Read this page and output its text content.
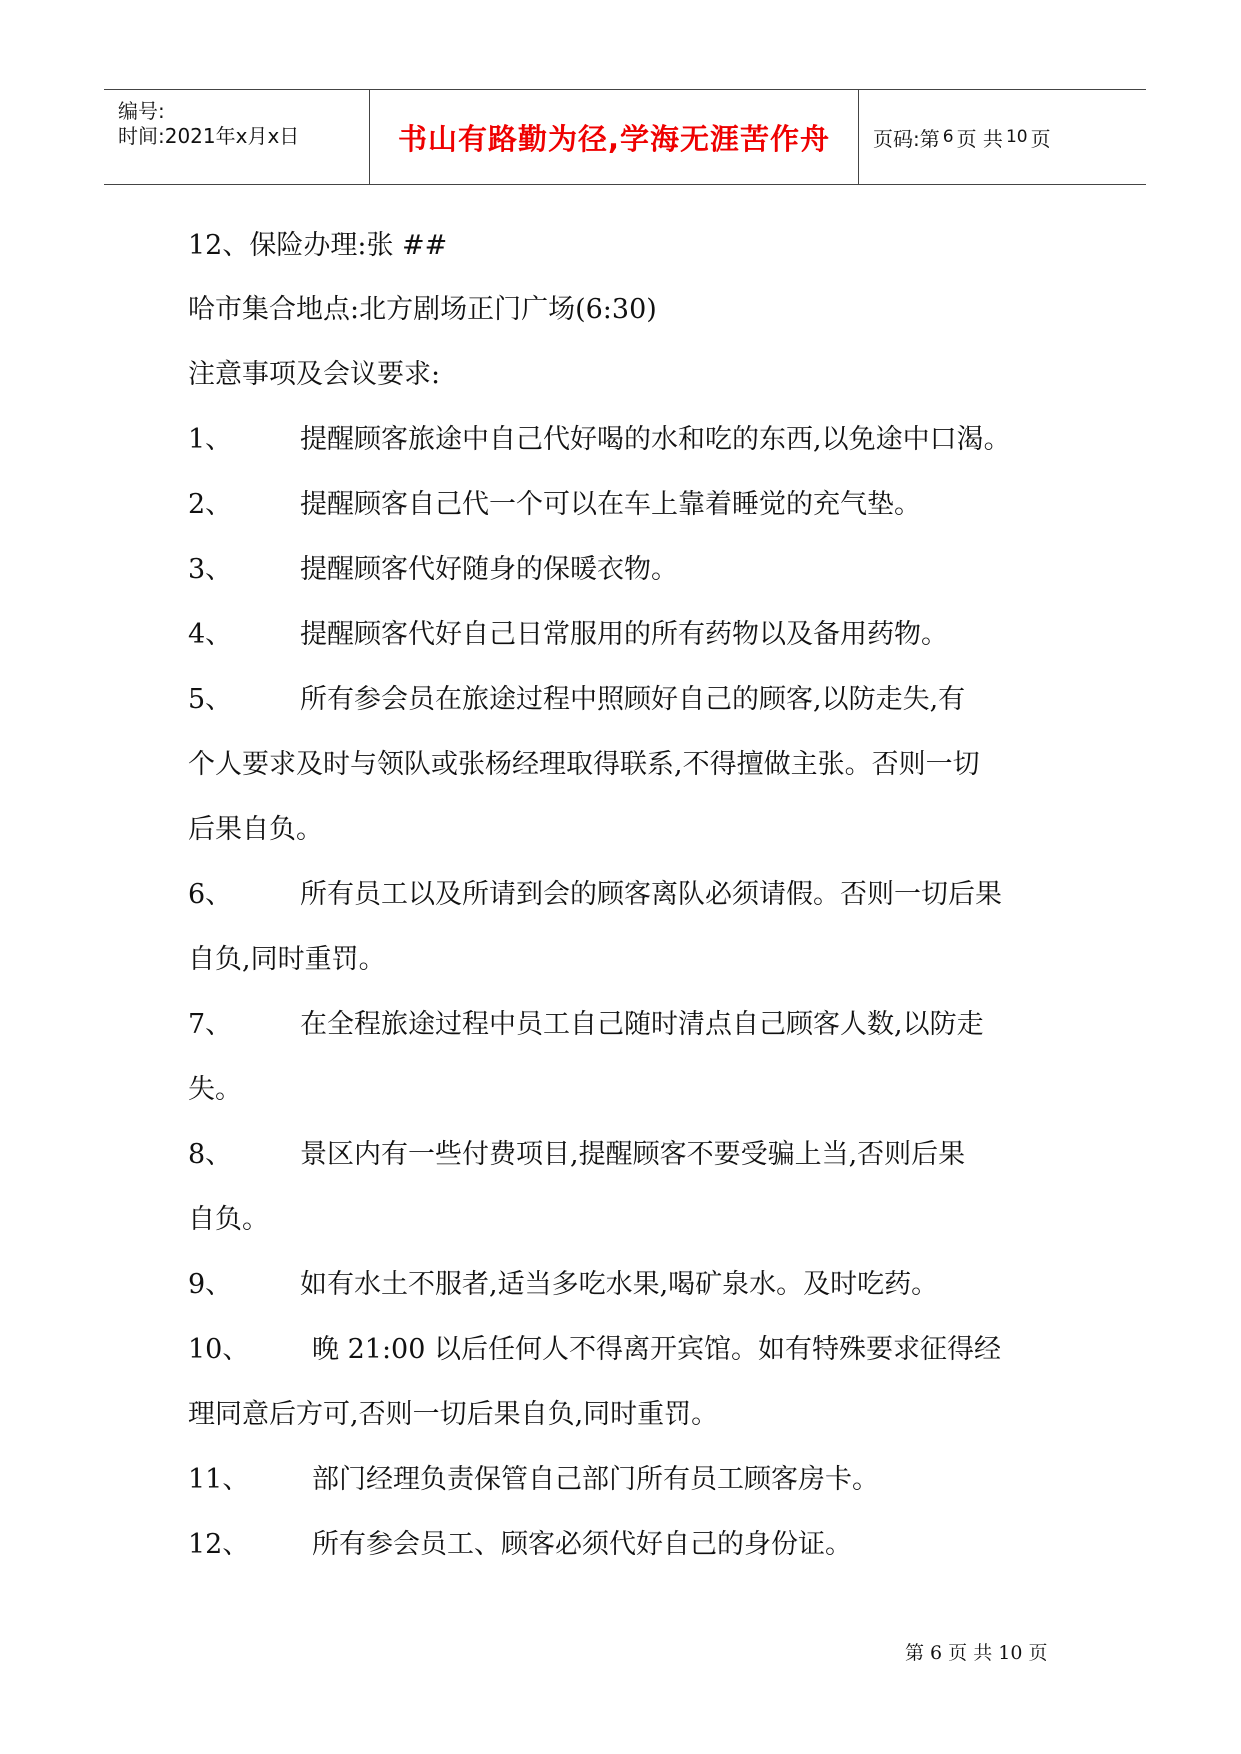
编号:
时间:2021年x月x日	书山有路勤为径,学海无涯苦作舟	页码:第 6 页 共 10 页
12、保险办理:张 ##
哈市集合地点:北方剧场正门广场(6:30)
注意事项及会议要求:
1、	提醒顾客旅途中自己代好喝的水和吃的东西,以免途中口渴。
2、	提醒顾客自己代一个可以在车上靠着睡觉的充气垫。
3、	提醒顾客代好随身的保暖衣物。
4、	提醒顾客代好自己日常服用的所有药物以及备用药物。
5、	所有参会员在旅途过程中照顾好自己的顾客,以防走失,有
个人要求及时与领队或张杨经理取得联系,不得擅做主张。否则一切
后果自负。
6、	所有员工以及所请到会的顾客离队必须请假。否则一切后果
自负,同时重罚。
7、	在全程旅途过程中员工自己随时清点自己顾客人数,以防走
失。
8、	景区内有一些付费项目,提醒顾客不要受骗上当,否则后果
自负。
9、	如有水土不服者,适当多吃水果,喝矿泉水。及时吃药。
10、 晚 21:00 以后任何人不得离开宾馆。如有特殊要求征得经
理同意后方可,否则一切后果自负,同时重罚。
11、 部门经理负责保管自己部门所有员工顾客房卡。
12、 所有参会员工、顾客必须代好自己的身份证。
第 6 页 共 10 页
